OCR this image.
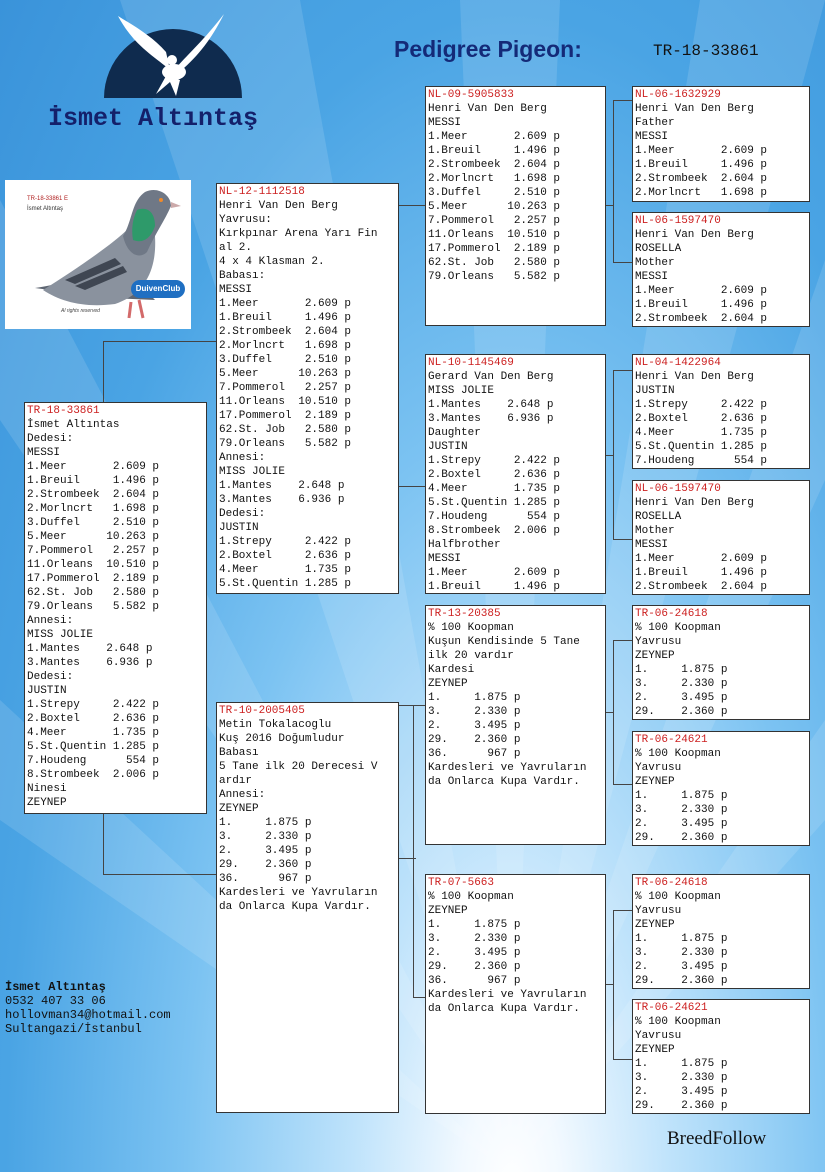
İsmet Altıntaş
Pedigree Pigeon:	TR-18-33861
TR-18-33861 E
İsmet Altıntaş
DuivenClub
Al rights reserved
TR-18-33861
İsmet Altıntas
Dedesi:
MESSI
1.Meer       2.609 p
1.Breuil     1.496 p
2.Strombeek  2.604 p
2.Morlncrt   1.698 p
3.Duffel     2.510 p
5.Meer      10.263 p
7.Pommerol   2.257 p
11.Orleans  10.510 p
17.Pommerol  2.189 p
62.St. Job   2.580 p
79.Orleans   5.582 p
Annesi:
MISS JOLIE
1.Mantes    2.648 p
3.Mantes    6.936 p
Dedesi:
JUSTIN
1.Strepy     2.422 p
2.Boxtel     2.636 p
4.Meer       1.735 p
5.St.Quentin 1.285 p
7.Houdeng      554 p
8.Strombeek  2.006 p
Ninesi
ZEYNEP
NL-12-1112518
Henri Van Den Berg
Yavrusu:
Kırkpınar Arena Yarı Fin
al 2.
4 x 4 Klasman 2.
Babası:
MESSI
1.Meer       2.609 p
1.Breuil     1.496 p
2.Strombeek  2.604 p
2.Morlncrt   1.698 p
3.Duffel     2.510 p
5.Meer      10.263 p
7.Pommerol   2.257 p
11.Orleans  10.510 p
17.Pommerol  2.189 p
62.St. Job   2.580 p
79.Orleans   5.582 p
Annesi:
MISS JOLIE
1.Mantes    2.648 p
3.Mantes    6.936 p
Dedesi:
JUSTIN
1.Strepy     2.422 p
2.Boxtel     2.636 p
4.Meer       1.735 p
5.St.Quentin 1.285 p
TR-10-2005405
Metin Tokalacoglu
Kuş 2016 Doğumludur
Babası
5 Tane ilk 20 Derecesi V
ardır
Annesi:
ZEYNEP
1.     1.875 p
3.     2.330 p
2.     3.495 p
29.    2.360 p
36.      967 p
Kardesleri ve Yavruların
da Onlarca Kupa Vardır.
NL-09-5905833
Henri Van Den Berg
MESSI
1.Meer       2.609 p
1.Breuil     1.496 p
2.Strombeek  2.604 p
2.Morlncrt   1.698 p
3.Duffel     2.510 p
5.Meer      10.263 p
7.Pommerol   2.257 p
11.Orleans  10.510 p
17.Pommerol  2.189 p
62.St. Job   2.580 p
79.Orleans   5.582 p
NL-10-1145469
Gerard Van Den Berg
MISS JOLIE
1.Mantes    2.648 p
3.Mantes    6.936 p
Daughter
JUSTIN
1.Strepy     2.422 p
2.Boxtel     2.636 p
4.Meer       1.735 p
5.St.Quentin 1.285 p
7.Houdeng      554 p
8.Strombeek  2.006 p
Halfbrother
MESSI
1.Meer       2.609 p
1.Breuil     1.496 p
TR-13-20385
% 100 Koopman
Kuşun Kendisinde 5 Tane
ilk 20 vardır
Kardesi
ZEYNEP
1.     1.875 p
3.     2.330 p
2.     3.495 p
29.    2.360 p
36.      967 p
Kardesleri ve Yavruların
da Onlarca Kupa Vardır.
TR-07-5663
% 100 Koopman
ZEYNEP
1.     1.875 p
3.     2.330 p
2.     3.495 p
29.    2.360 p
36.      967 p
Kardesleri ve Yavruların
da Onlarca Kupa Vardır.
NL-06-1632929
Henri Van Den Berg
Father
MESSI
1.Meer       2.609 p
1.Breuil     1.496 p
2.Strombeek  2.604 p
2.Morlncrt   1.698 p
NL-06-1597470
Henri Van Den Berg
ROSELLA
Mother
MESSI
1.Meer       2.609 p
1.Breuil     1.496 p
2.Strombeek  2.604 p
NL-04-1422964
Henri Van Den Berg
JUSTIN
1.Strepy     2.422 p
2.Boxtel     2.636 p
4.Meer       1.735 p
5.St.Quentin 1.285 p
7.Houdeng      554 p
NL-06-1597470
Henri Van Den Berg
ROSELLA
Mother
MESSI
1.Meer       2.609 p
1.Breuil     1.496 p
2.Strombeek  2.604 p
TR-06-24618
% 100 Koopman
Yavrusu
ZEYNEP
1.     1.875 p
3.     2.330 p
2.     3.495 p
29.    2.360 p
TR-06-24621
% 100 Koopman
Yavrusu
ZEYNEP
1.     1.875 p
3.     2.330 p
2.     3.495 p
29.    2.360 p
TR-06-24618
% 100 Koopman
Yavrusu
ZEYNEP
1.     1.875 p
3.     2.330 p
2.     3.495 p
29.    2.360 p
TR-06-24621
% 100 Koopman
Yavrusu
ZEYNEP
1.     1.875 p
3.     2.330 p
2.     3.495 p
29.    2.360 p
İsmet Altıntaş
0532 407 33 06
hollovman34@hotmail.com
Sultangazi/İstanbul
BreedFollow
